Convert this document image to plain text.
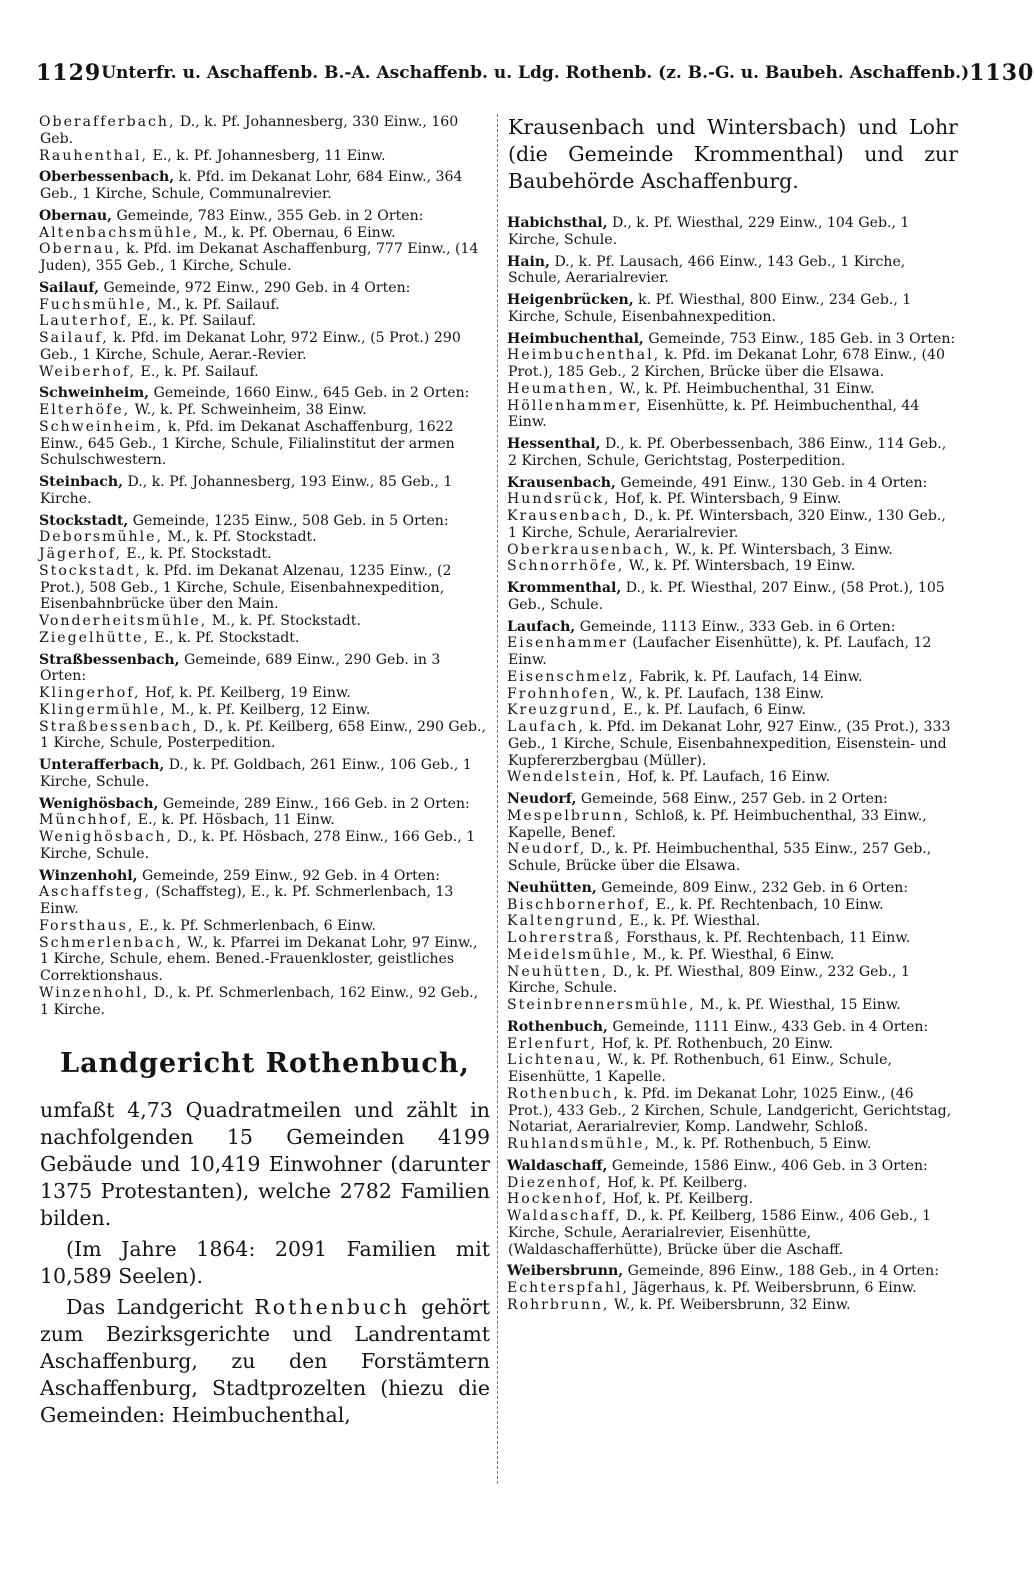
1129 Unterfr. u. Aschaffenb. B.-A. Aschaffenb. u. Ldg. Rothenb. (z. B.-G. u. Baubeh. Aschaffenb.) 1130
Oberafferbach, D., k. Pf. Johannesberg, 330 Einw., 160 Geb.
Rauhenthal, E., k. Pf. Johannesberg, 11 Einw.
Oberbessenbach, k. Pfd. im Dekanat Lohr, 684 Einw., 364 Geb., 1 Kirche, Schule, Communalrevier.
Obernau, Gemeinde, 783 Einw., 355 Geb. in 2 Orten:
Altenbachsmühle, M., k. Pf. Obernau, 6 Einw.
Obernau, k. Pfd. im Dekanat Aschaffenburg, 777 Einw., (14 Juden), 355 Geb., 1 Kirche, Schule.
Sailauf, Gemeinde, 972 Einw., 290 Geb. in 4 Orten:
Fuchsmühle, M., k. Pf. Sailauf.
Lauterhof, E., k. Pf. Sailauf.
Sailauf, k. Pfd. im Dekanat Lohr, 972 Einw., (5 Prot.) 290 Geb., 1 Kirche, Schule, Aerar.-Revier.
Weiberhof, E., k. Pf. Sailauf.
Schweinheim, Gemeinde, 1660 Einw., 645 Geb. in 2 Orten:
Elterhöfe, W., k. Pf. Schweinheim, 38 Einw.
Schweinheim, k. Pfd. im Dekanat Aschaffenburg, 1622 Einw., 645 Geb., 1 Kirche, Schule, Filialinstitut der armen Schulschwestern.
Steinbach, D., k. Pf. Johannesberg, 193 Einw., 85 Geb., 1 Kirche.
Stockstadt, Gemeinde, 1235 Einw., 508 Geb. in 5 Orten:
Deborsmühle, M., k. Pf. Stockstadt.
Jägerhof, E., k. Pf. Stockstadt.
Stockstadt, k. Pfd. im Dekanat Alzenau, 1235 Einw., (2 Prot.), 508 Geb., 1 Kirche, Schule, Eisenbahnexpedition, Eisenbahnbrücke über den Main.
Vonderheitsmühle, M., k. Pf. Stockstadt.
Ziegelhütte, E., k. Pf. Stockstadt.
Straßbessenbach, Gemeinde, 689 Einw., 290 Geb. in 3 Orten:
Klingerhof, Hof, k. Pf. Keilberg, 19 Einw.
Klingermühle, M., k. Pf. Keilberg, 12 Einw.
Straßbessenbach, D., k. Pf. Keilberg, 658 Einw., 290 Geb., 1 Kirche, Schule, Posterpedition.
Unterafferbach, D., k. Pf. Goldbach, 261 Einw., 106 Geb., 1 Kirche, Schule.
Wenighösbach, Gemeinde, 289 Einw., 166 Geb. in 2 Orten:
Münchhof, E., k. Pf. Hösbach, 11 Einw.
Wenighösbach, D., k. Pf. Hösbach, 278 Einw., 166 Geb., 1 Kirche, Schule.
Winzenhohl, Gemeinde, 259 Einw., 92 Geb. in 4 Orten:
Aschaffsteg, (Schaffsteg), E., k. Pf. Schmerlenbach, 13 Einw.
Forsthaus, E., k. Pf. Schmerlenbach, 6 Einw.
Schmerlenbach, W., k. Pfarrei im Dekanat Lohr, 97 Einw., 1 Kirche, Schule, ehem. Bened.-Frauenkloster, geistliches Correktionshaus.
Winzenhohl, D., k. Pf. Schmerlenbach, 162 Einw., 92 Geb., 1 Kirche.
Landgericht Rothenbuch,

umfaßt 4,73 Quadratmeilen und zählt in nachfolgenden 15 Gemeinden 4199 Gebäude und 10,419 Einwohner (darunter 1375 Protestanten), welche 2782 Familien bilden.

(Im Jahre 1864: 2091 Familien mit 10,589 Seelen).

Das Landgericht Rothenbuch gehört zum Bezirksgerichte und Landrentamt Aschaffenburg, zu den Forstämtern Aschaffenburg, Stadtprozelten (hiezu die Gemeinden: Heimbuchenthal,

Krausenbach und Wintersbach) und Lohr (die Gemeinde Krommenthal) und zur Baubehörde Aschaffenburg.

Habichsthal, D., k. Pf. Wiesthal, 229 Einw., 104 Geb., 1 Kirche, Schule.
Hain, D., k. Pf. Lausach, 466 Einw., 143 Geb., 1 Kirche, Schule, Aerarialrevier.
Heigenbrücken, k. Pf. Wiesthal, 800 Einw., 234 Geb., 1 Kirche, Schule, Eisenbahnexpedition.
Heimbuchenthal, Gemeinde, 753 Einw., 185 Geb. in 3 Orten:
Heimbuchenthal, k. Pfd. im Dekanat Lohr, 678 Einw., (40 Prot.), 185 Geb., 2 Kirchen, Brücke über die Elsawa.
Heumathen, W., k. Pf. Heimbuchenthal, 31 Einw.
Höllenhammer, Eisenhütte, k. Pf. Heimbuchenthal, 44 Einw.
Hessenthal, D., k. Pf. Oberbessenbach, 386 Einw., 114 Geb., 2 Kirchen, Schule, Gerichtstag, Posterpedition.
Krausenbach, Gemeinde, 491 Einw., 130 Geb. in 4 Orten:
Hundsrück, Hof, k. Pf. Wintersbach, 9 Einw.
Krausenbach, D., k. Pf. Wintersbach, 320 Einw., 130 Geb., 1 Kirche, Schule, Aerarialrevier.
Oberkrausenbach, W., k. Pf. Wintersbach, 3 Einw.
Schnorrhöfe, W., k. Pf. Wintersbach, 19 Einw.
Krommenthal, D., k. Pf. Wiesthal, 207 Einw., (58 Prot.), 105 Geb., Schule.
Laufach, Gemeinde, 1113 Einw., 333 Geb. in 6 Orten:
Eisenhammer (Laufacher Eisenhütte), k. Pf. Laufach, 12 Einw.
Eisenschmelz, Fabrik, k. Pf. Laufach, 14 Einw.
Frohnhofen, W., k. Pf. Laufach, 138 Einw.
Kreuzgrund, E., k. Pf. Laufach, 6 Einw.
Laufach, k. Pfd. im Dekanat Lohr, 927 Einw., (35 Prot.), 333 Geb., 1 Kirche, Schule, Eisenbahnexpedition, Eisenstein- und Kupfererzbergbau (Müller).
Wendelstein, Hof, k. Pf. Laufach, 16 Einw.
Neudorf, Gemeinde, 568 Einw., 257 Geb. in 2 Orten:
Mespelbrunn, Schloß, k. Pf. Heimbuchenthal, 33 Einw., Kapelle, Benef.
Neudorf, D., k. Pf. Heimbuchenthal, 535 Einw., 257 Geb., Schule, Brücke über die Elsawa.
Neuhütten, Gemeinde, 809 Einw., 232 Geb. in 6 Orten:
Bischbornerhof, E., k. Pf. Rechtenbach, 10 Einw.
Kaltengrund, E., k. Pf. Wiesthal.
Lohrerstraß, Forsthaus, k. Pf. Rechtenbach, 11 Einw.
Meidelsmühle, M., k. Pf. Wiesthal, 6 Einw.
Neuhütten, D., k. Pf. Wiesthal, 809 Einw., 232 Geb., 1 Kirche, Schule.
Steinbrennersmühle, M., k. Pf. Wiesthal, 15 Einw.
Rothenbuch, Gemeinde, 1111 Einw., 433 Geb. in 4 Orten:
Erlenfurt, Hof, k. Pf. Rothenbuch, 20 Einw.
Lichtenau, W., k. Pf. Rothenbuch, 61 Einw., Schule, Eisenhütte, 1 Kapelle.
Rothenbuch, k. Pfd. im Dekanat Lohr, 1025 Einw., (46 Prot.), 433 Geb., 2 Kirchen, Schule, Landgericht, Gerichtstag, Notariat, Aerarialrevier, Komp. Landwehr, Schloß.
Ruhlandsmühle, M., k. Pf. Rothenbuch, 5 Einw.
Waldaschaff, Gemeinde, 1586 Einw., 406 Geb. in 3 Orten:
Diezenhof, Hof, k. Pf. Keilberg.
Hockenhof, Hof, k. Pf. Keilberg.
Waldaschaff, D., k. Pf. Keilberg, 1586 Einw., 406 Geb., 1 Kirche, Schule, Aerarialrevier, Eisenhütte, (Waldaschafferhütte), Brücke über die Aschaff.
Weibersbrunn, Gemeinde, 896 Einw., 188 Geb., in 4 Orten:
Echterspfahl, Jägerhaus, k. Pf. Weibersbrunn, 6 Einw.
Rohrbrunn, W., k. Pf. Weibersbrunn, 32 Einw.
